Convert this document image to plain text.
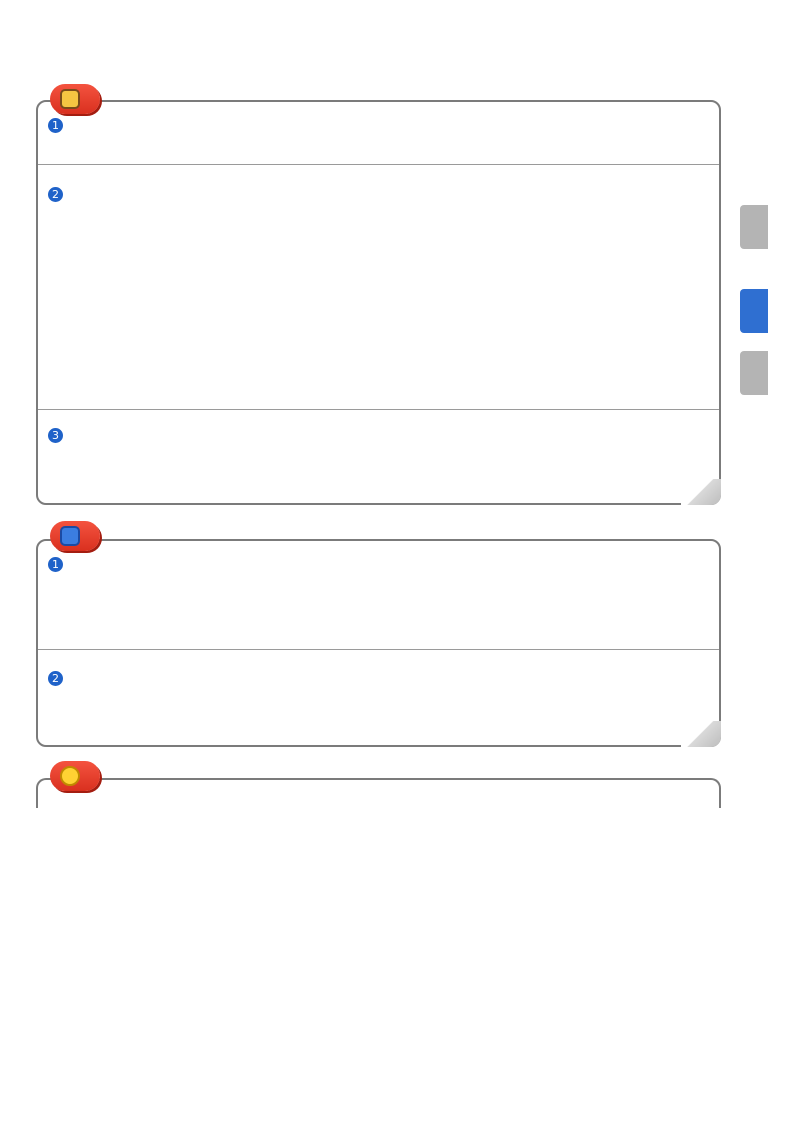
1
2
3
1　
2　
